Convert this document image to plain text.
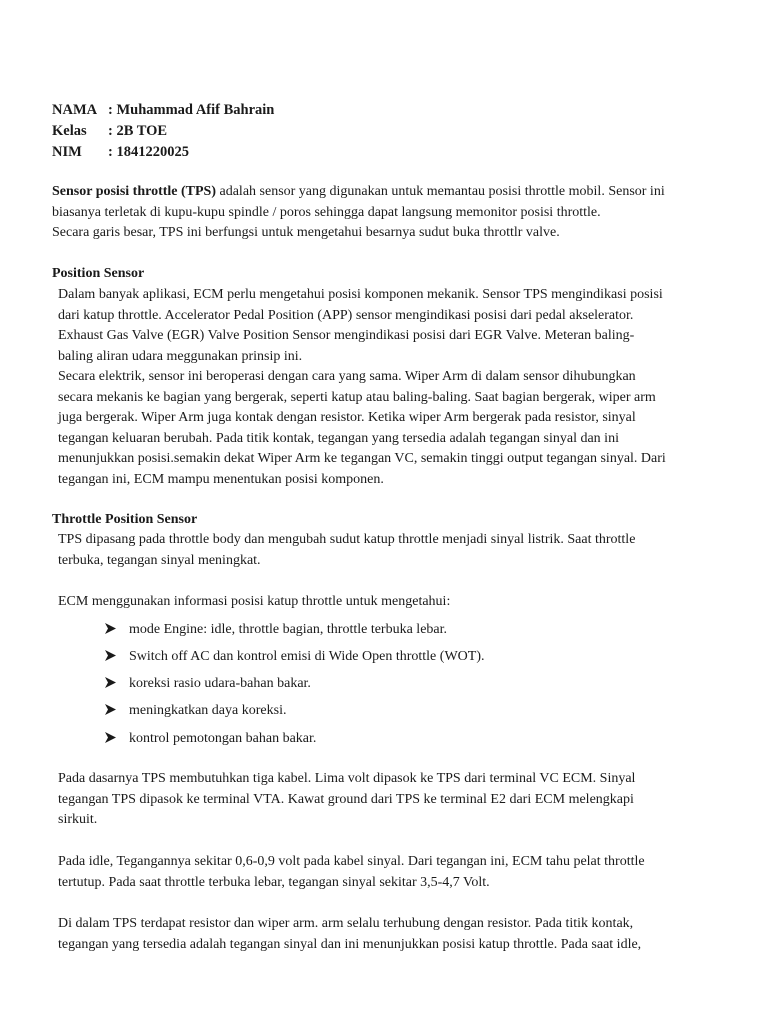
NAMA : Muhammad Afif Bahrain
Kelas : 2B TOE
NIM : 1841220025
Sensor posisi throttle (TPS) adalah sensor yang digunakan untuk memantau posisi throttle mobil. Sensor ini
biasanya terletak di kupu-kupu spindle / poros sehingga dapat langsung memonitor posisi throttle.
Secara garis besar, TPS ini berfungsi untuk mengetahui besarnya sudut buka throttlr valve.
Position Sensor
Dalam banyak aplikasi, ECM perlu mengetahui posisi komponen mekanik. Sensor TPS mengindikasi posisi
dari katup throttle. Accelerator Pedal Position (APP) sensor mengindikasi posisi dari pedal akselerator.
Exhaust Gas Valve (EGR) Valve Position Sensor mengindikasi posisi dari EGR Valve. Meteran baling-
baling aliran udara meggunakan prinsip ini.
Secara elektrik, sensor ini beroperasi dengan cara yang sama. Wiper Arm di dalam sensor dihubungkan
secara mekanis ke bagian yang bergerak, seperti katup atau baling-baling. Saat bagian bergerak, wiper arm
juga bergerak. Wiper Arm juga kontak dengan resistor. Ketika wiper Arm bergerak pada resistor, sinyal
tegangan keluaran berubah. Pada titik kontak, tegangan yang tersedia adalah tegangan sinyal dan ini
menunjukkan posisi.semakin dekat Wiper Arm ke tegangan VC, semakin tinggi output tegangan sinyal. Dari
tegangan ini, ECM mampu menentukan posisi komponen.
Throttle Position Sensor
TPS dipasang pada throttle body dan mengubah sudut katup throttle menjadi sinyal listrik. Saat throttle
terbuka, tegangan sinyal meningkat.
ECM menggunakan informasi posisi katup throttle untuk mengetahui:
mode Engine: idle, throttle bagian, throttle terbuka lebar.
Switch off AC dan kontrol emisi di Wide Open throttle (WOT).
koreksi rasio udara-bahan bakar.
meningkatkan daya koreksi.
kontrol pemotongan bahan bakar.
Pada dasarnya TPS membutuhkan tiga kabel. Lima volt dipasok ke TPS dari terminal VC ECM. Sinyal
tegangan TPS dipasok ke terminal VTA. Kawat ground dari TPS ke terminal E2 dari ECM melengkapi
sirkuit.
Pada idle, Tegangannya sekitar 0,6-0,9 volt pada kabel sinyal. Dari tegangan ini, ECM tahu pelat throttle
tertutup. Pada saat throttle terbuka lebar, tegangan sinyal sekitar 3,5-4,7 Volt.
Di dalam TPS terdapat resistor dan wiper arm. arm selalu terhubung dengan resistor. Pada titik kontak,
tegangan yang tersedia adalah tegangan sinyal dan ini menunjukkan posisi katup throttle. Pada saat idle,
